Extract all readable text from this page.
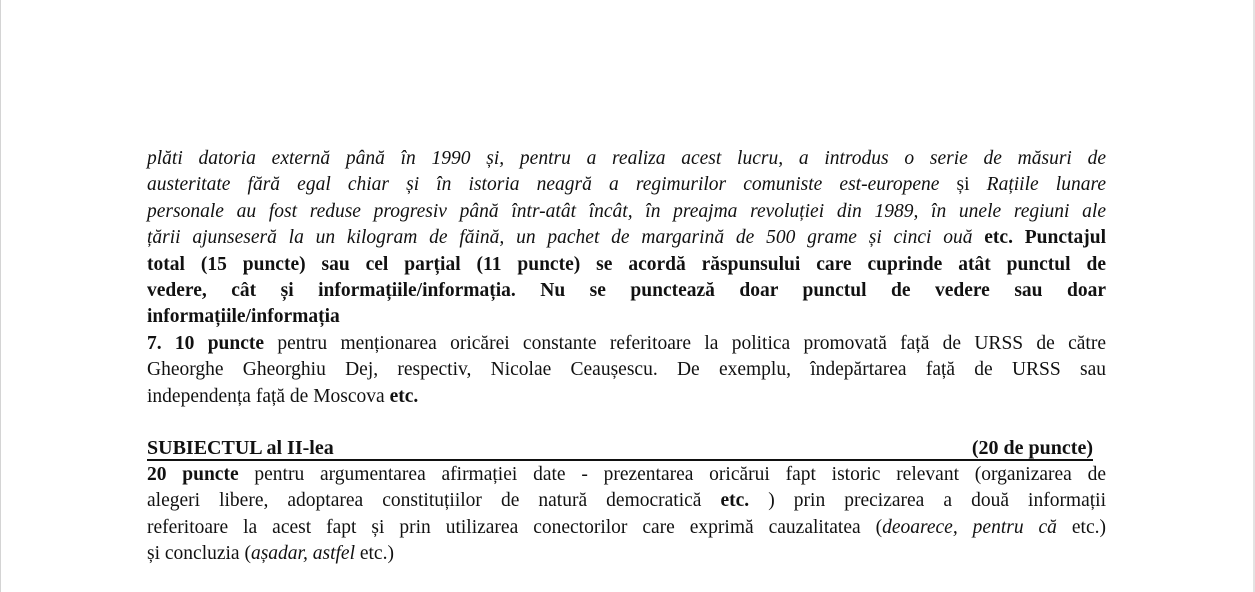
plăti datoria externă până în 1990 și, pentru a realiza acest lucru, a introdus o serie de măsuri de
austeritate fără egal chiar și în istoria neagră a regimurilor comuniste est-europene și Rațiile lunare
personale au fost reduse progresiv până într-atât încât, în preajma revoluției din 1989, în unele regiuni ale
țării ajunseseră la un kilogram de făină, un pachet de margarină de 500 grame și cinci ouă etc. Punctajul
total (15 puncte) sau cel parțial (11 puncte) se acordă răspunsului care cuprinde atât punctul de
vedere, cât și informațiile/informația. Nu se punctează doar punctul de vedere sau doar
informațiile/informația
7. 10 puncte pentru menționarea oricărei constante referitoare la politica promovată față de URSS de către
Gheorghe Gheorghiu Dej, respectiv, Nicolae Ceaușescu. De exemplu, îndepărtarea față de URSS sau
independența față de Moscova etc.
SUBIECTUL al II-lea	(20 de puncte)
20 puncte pentru argumentarea afirmației date - prezentarea oricărui fapt istoric relevant (organizarea de
alegeri libere, adoptarea constituțiilor de natură democratică etc. ) prin precizarea a două informații
referitoare la acest fapt și prin utilizarea conectorilor care exprimă cauzalitatea (deoarece, pentru că etc.)
și concluzia (așadar, astfel etc.)
